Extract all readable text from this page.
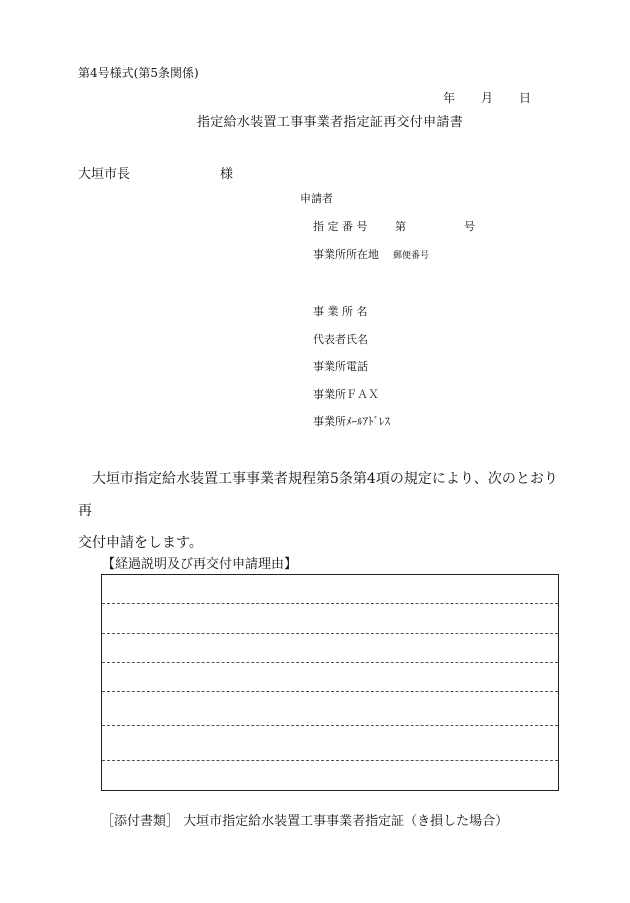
第4号様式(第5条関係)
年 月 日
指定給水装置工事事業者指定証再交付申請書
大垣市長	様
申請者
指 定 番 号	第	号
事業所所在地 郵便番号
事 業 所 名
代表者氏名
事業所電話
事業所ＦＡＸ
事業所ﾒｰﾙｱﾄﾞﾚｽ

大垣市指定給水装置工事事業者規程第5条第4項の規定により、次のとおり再

交付申請をします。

【経過説明及び再交付申請理由】
［添付書類］ 大垣市指定給水装置工事事業者指定証（き損した場合）
